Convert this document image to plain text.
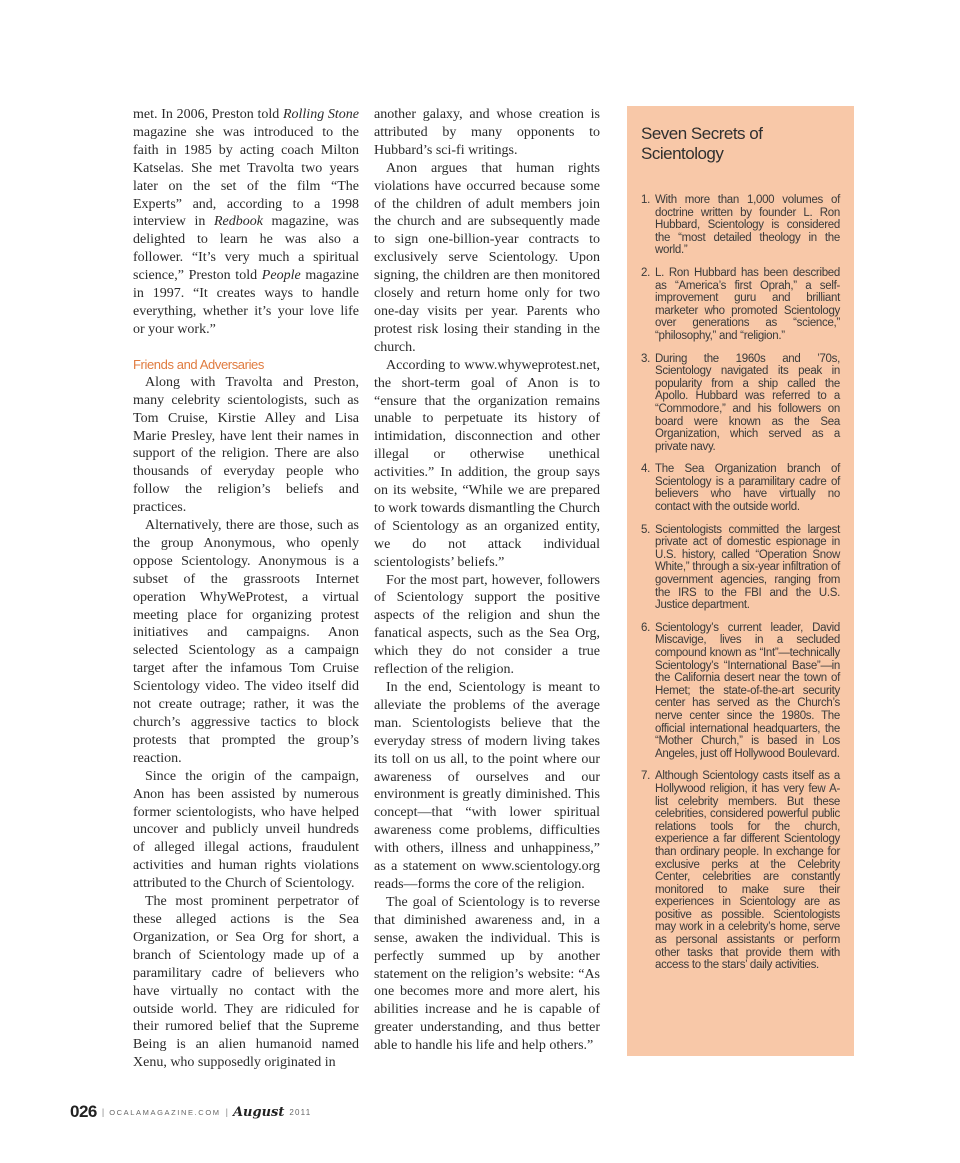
met. In 2006, Preston told Rolling Stone magazine she was introduced to the faith in 1985 by acting coach Milton Katselas. She met Travolta two years later on the set of the film “The Experts” and, according to a 1998 interview in Redbook magazine, was delighted to learn he was also a follower. “It’s very much a spiritual science,” Preston told People magazine in 1997. “It creates ways to handle everything, whether it’s your love life or your work.”

Friends and Adversaries

Along with Travolta and Preston, many celebrity scientologists, such as Tom Cruise, Kirstie Alley and Lisa Marie Presley, have lent their names in support of the religion. There are also thousands of everyday people who follow the religion’s beliefs and practices.

Alternatively, there are those, such as the group Anonymous, who openly oppose Scientology. Anonymous is a subset of the grassroots Internet operation WhyWeProtest, a virtual meeting place for organizing protest initiatives and campaigns. Anon selected Scientology as a campaign target after the infamous Tom Cruise Scientology video. The video itself did not create outrage; rather, it was the church’s aggressive tactics to block protests that prompted the group’s reaction.

Since the origin of the campaign, Anon has been assisted by numerous former scientologists, who have helped uncover and publicly unveil hundreds of alleged illegal actions, fraudulent activities and human rights violations attributed to the Church of Scientology.

The most prominent perpetrator of these alleged actions is the Sea Organization, or Sea Org for short, a branch of Scientology made up of a paramilitary cadre of believers who have virtually no contact with the outside world. They are ridiculed for their rumored belief that the Supreme Being is an alien humanoid named Xenu, who supposedly originated in

another galaxy, and whose creation is attributed by many opponents to Hubbard’s sci-fi writings.

Anon argues that human rights violations have occurred because some of the children of adult members join the church and are subsequently made to sign one-billion-year contracts to exclusively serve Scientology. Upon signing, the children are then monitored closely and return home only for two one-day visits per year. Parents who protest risk losing their standing in the church.

According to www.whyweprotest.net, the short-term goal of Anon is to “ensure that the organization remains unable to perpetuate its history of intimidation, disconnection and other illegal or otherwise unethical activities.” In addition, the group says on its website, “While we are prepared to work towards dismantling the Church of Scientology as an organized entity, we do not attack individual scientologists’ beliefs.”

For the most part, however, followers of Scientology support the positive aspects of the religion and shun the fanatical aspects, such as the Sea Org, which they do not consider a true reflection of the religion.

In the end, Scientology is meant to alleviate the problems of the average man. Scientologists believe that the everyday stress of modern living takes its toll on us all, to the point where our awareness of ourselves and our environment is greatly diminished. This concept—that “with lower spiritual awareness come problems, difficulties with others, illness and unhappiness,” as a statement on www.scientology.org reads—forms the core of the religion.

The goal of Scientology is to reverse that diminished awareness and, in a sense, awaken the individual. This is perfectly summed up by another statement on the religion’s website: “As one becomes more and more alert, his abilities increase and he is capable of greater understanding, and thus better able to handle his life and help others.”

Seven Secrets of Scientology
1. With more than 1,000 volumes of doctrine written by founder L. Ron Hubbard, Scientology is considered the “most detailed theology in the world.”
2. L. Ron Hubbard has been described as “America’s first Oprah,” a self-improvement guru and brilliant marketer who promoted Scientology over generations as “science,” “philosophy,” and “religion.”
3. During the 1960s and ’70s, Scientology navigated its peak in popularity from a ship called the Apollo. Hubbard was referred to a “Commodore,” and his followers on board were known as the Sea Organization, which served as a private navy.
4. The Sea Organization branch of Scientology is a paramilitary cadre of believers who have virtually no contact with the outside world.
5. Scientologists committed the largest private act of domestic espionage in U.S. history, called “Operation Snow White,” through a six-year infiltration of government agencies, ranging from the IRS to the FBI and the U.S. Justice department.
6. Scientology’s current leader, David Miscavige, lives in a secluded compound known as “Int”—technically Scientology’s “International Base”—in the California desert near the town of Hemet; the state-of-the-art security center has served as the Church’s nerve center since the 1980s. The official international headquarters, the “Mother Church,” is based in Los Angeles, just off Hollywood Boulevard.
7. Although Scientology casts itself as a Hollywood religion, it has very few A-list celebrity members. But these celebrities, considered powerful public relations tools for the church, experience a far different Scientology than ordinary people. In exchange for exclusive perks at the Celebrity Center, celebrities are constantly monitored to make sure their experiences in Scientology are as positive as possible. Scientologists may work in a celebrity’s home, serve as personal assistants or perform other tasks that provide them with access to the stars’ daily activities.
026 | OCALAMAGAZINE.COM | August 2011
